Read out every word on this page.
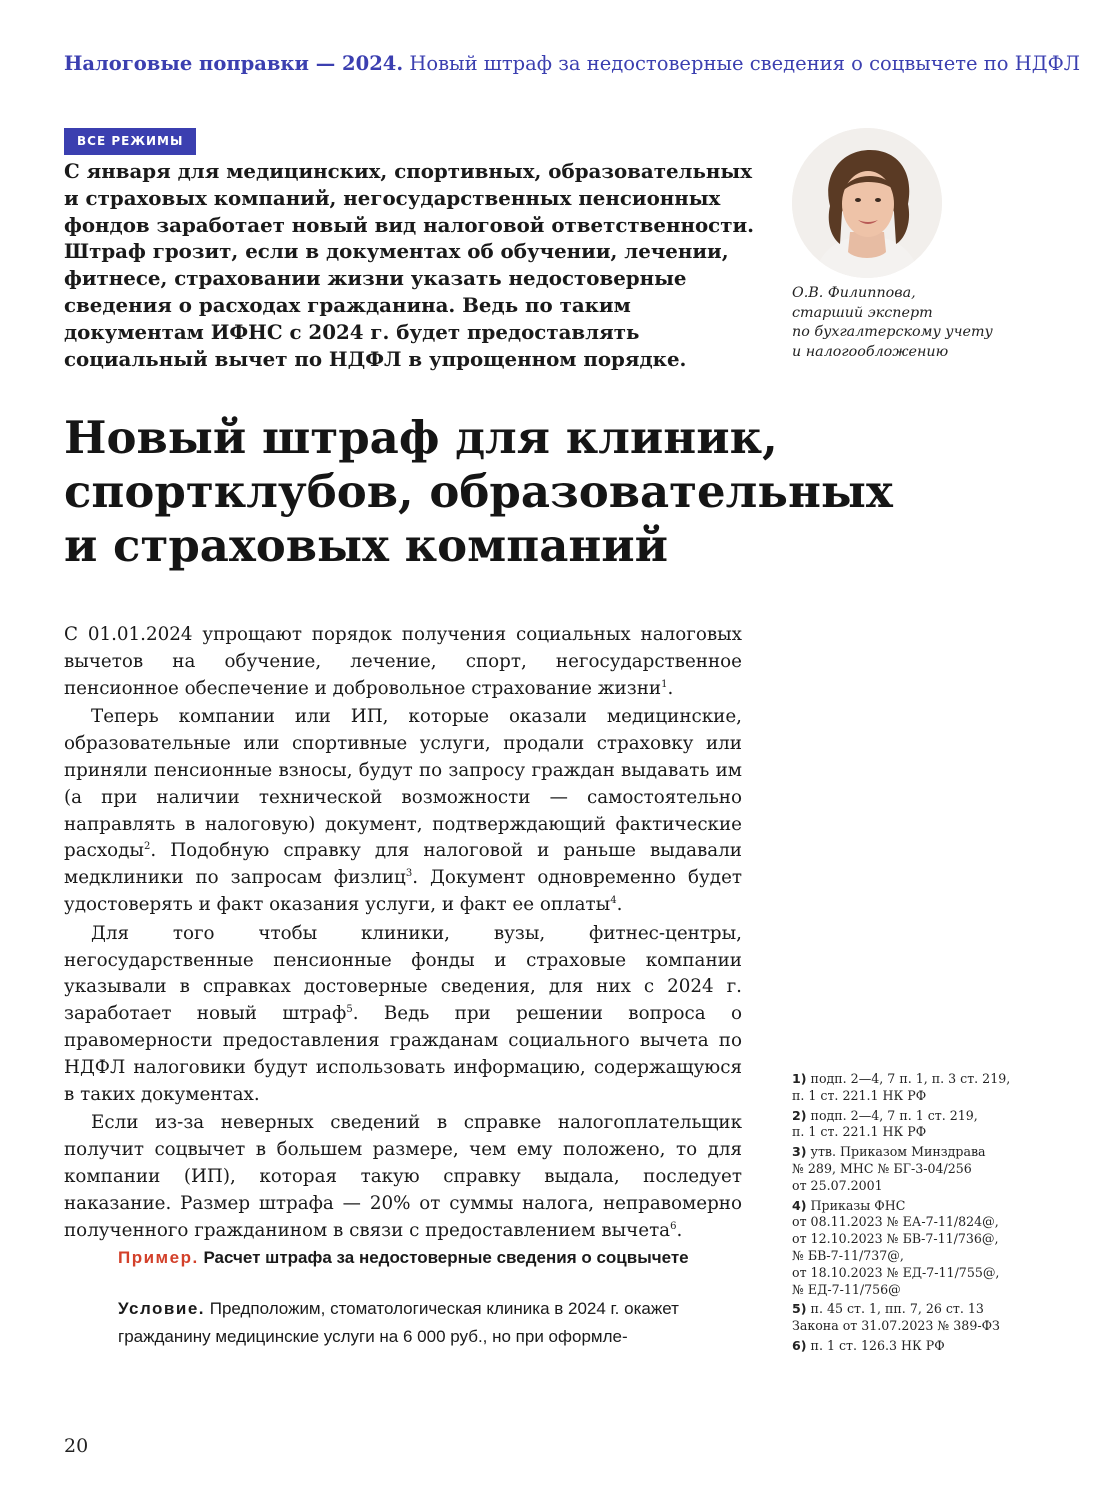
Налоговые поправки — 2024. Новый штраф за недостоверные сведения о соцвычете по НДФЛ
ВСЕ РЕЖИМЫ
С января для медицинских, спортивных, образовательных
и страховых компаний, негосударственных пенсионных
фондов заработает новый вид налоговой ответственности.
Штраф грозит, если в документах об обучении, лечении,
фитнесе, страховании жизни указать недостоверные
сведения о расходах гражданина. Ведь по таким
документам ИФНС с 2024 г. будет предоставлять
социальный вычет по НДФЛ в упрощенном порядке.
О.В. Филиппова,
старший эксперт
по бухгалтерскому учету
и налогообложению
Новый штраф для клиник,
спортклубов, образовательных
и страховых компаний

С 01.01.2024 упрощают порядок получения социальных налоговых вычетов на обучение, лечение, спорт, негосударственное пенсионное обеспечение и добровольное страхование жизни$^1$.

Теперь компании или ИП, которые оказали медицинские, образовательные или спортивные услуги, продали страховку или приняли пенсионные взносы, будут по запросу граждан выдавать им (а при наличии технической возможности — самостоятельно направлять в налоговую) документ, подтверждающий фактические расходы$^2$. Подобную справку для налоговой и раньше выдавали медклиники по запросам физлиц$^3$. Документ одновременно будет удостоверять и факт оказания услуги, и факт ее оплаты$^4$.

Для того чтобы клиники, вузы, фитнес-центры, негосударственные пенсионные фонды и страховые компании указывали в справках достоверные сведения, для них с 2024 г. заработает новый штраф$^5$. Ведь при решении вопроса о правомерности предоставления гражданам социального вычета по НДФЛ налоговики будут использовать информацию, содержащуюся в таких документах.

Если из-за неверных сведений в справке налогоплательщик получит соцвычет в большем размере, чем ему положено, то для компании (ИП), которая такую справку выдала, последует наказание. Размер штрафа — 20% от суммы налога, неправомерно полученного гражданином в связи с предоставлением вычета$^6$.

Пример. Расчет штрафа за недостоверные сведения о соцвычете
Условие. Предположим, стоматологическая клиника в 2024 г. окажет гражданину медицинские услуги на 6 000 руб., но при оформле-
1) подп. 2—4, 7 п. 1, п. 3 ст. 219,
п. 1 ст. 221.1 НК РФ
2) подп. 2—4, 7 п. 1 ст. 219,
п. 1 ст. 221.1 НК РФ
3) утв. Приказом Минздрава
№ 289, МНС № БГ-3-04/256
от 25.07.2001
4) Приказы ФНС
от 08.11.2023 № ЕА-7-11/824@,
от 12.10.2023 № БВ-7-11/736@,
№ БВ-7-11/737@,
от 18.10.2023 № ЕД-7-11/755@,
№ ЕД-7-11/756@
5) п. 45 ст. 1, пп. 7, 26 ст. 13
Закона от 31.07.2023 № 389-ФЗ
6) п. 1 ст. 126.3 НК РФ
20
